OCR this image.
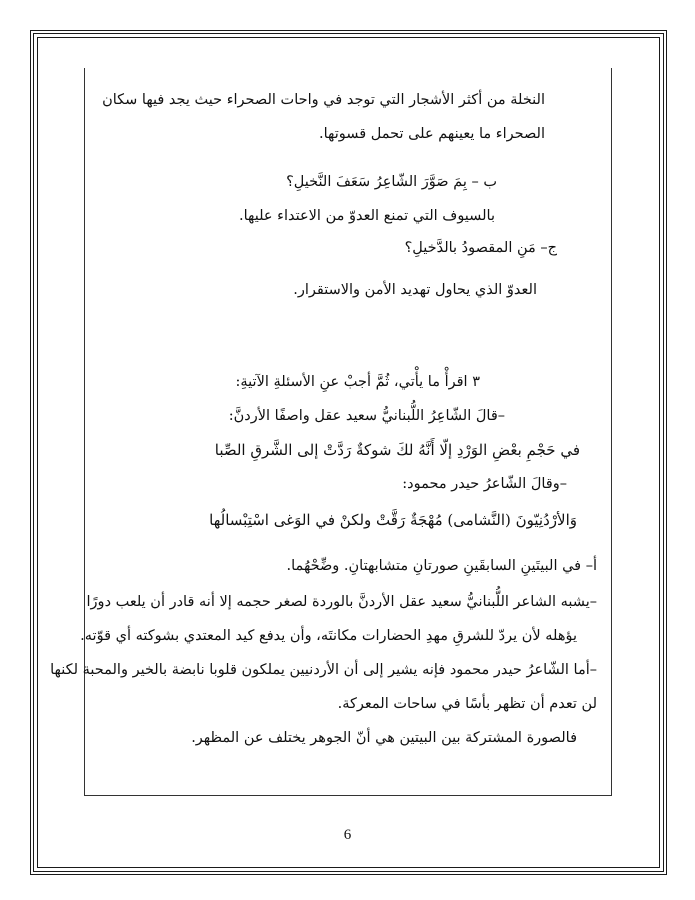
النخلة من أكثر الأشجار التي توجد في واحات الصحراء حيث يجد فيها سكان
الصحراء ما يعينهم على تحمل قسوتها.
ب – بِمَ صَوَّرَ الشّاعِرُ سَعَفَ النَّخيلِ؟
بالسيوف التي تمنع العدوّ من الاعتداء عليها.
ج– مَنِ المقصودُ بالدَّخيلِ؟
العدوّ الذي يحاول تهديد الأمن والاستقرار.
٣ اقرأْ ما يأْتي، ثُمَّ أجبْ عنِ الأسئلةِ الآتيةِ:
–قالَ الشّاعِرُ اللُّبنانيُّ سعيد عقل واصفًا الأردنَّ:
في حَجْمِ بعْضِ الوَرْدِ إلّا أَنَّهُ لكَ شوكةٌ رَدَّتْ إلى الشَّرقِ الصِّبا
–وقالَ الشّاعرُ حيدر محمود:
وَالأرْدُنِيّونَ (النَّشامى) مُهْجَةٌ رَقَّتْ ولكنْ في الوَغى اسْتِبْسالُها
أ– في البيتَينِ السابقَينِ صورتانِ متشابهتانِ. وضِّحْهُما.
–يشبه الشاعر اللُّبنانيُّ سعيد عقل الأردنَّ بالوردة لصغر حجمه إلا أنه قادر أن يلعب دورًا
يؤهله لأن يردّ للشرقِ مهدِ الحضارات مكانتَه، وأن يدفع كيد المعتدي بشوكته أي قوّته.
–أما الشّاعرُ حيدر محمود فإنه يشير إلى أن الأردنيين يملكون قلوبا نابضة بالخير والمحبة لكنها
لن تعدم أن تظهر بأسًا في ساحات المعركة.
فالصورة المشتركة بين البيتين هي أنّ الجوهر يختلف عن المظهر.
6
